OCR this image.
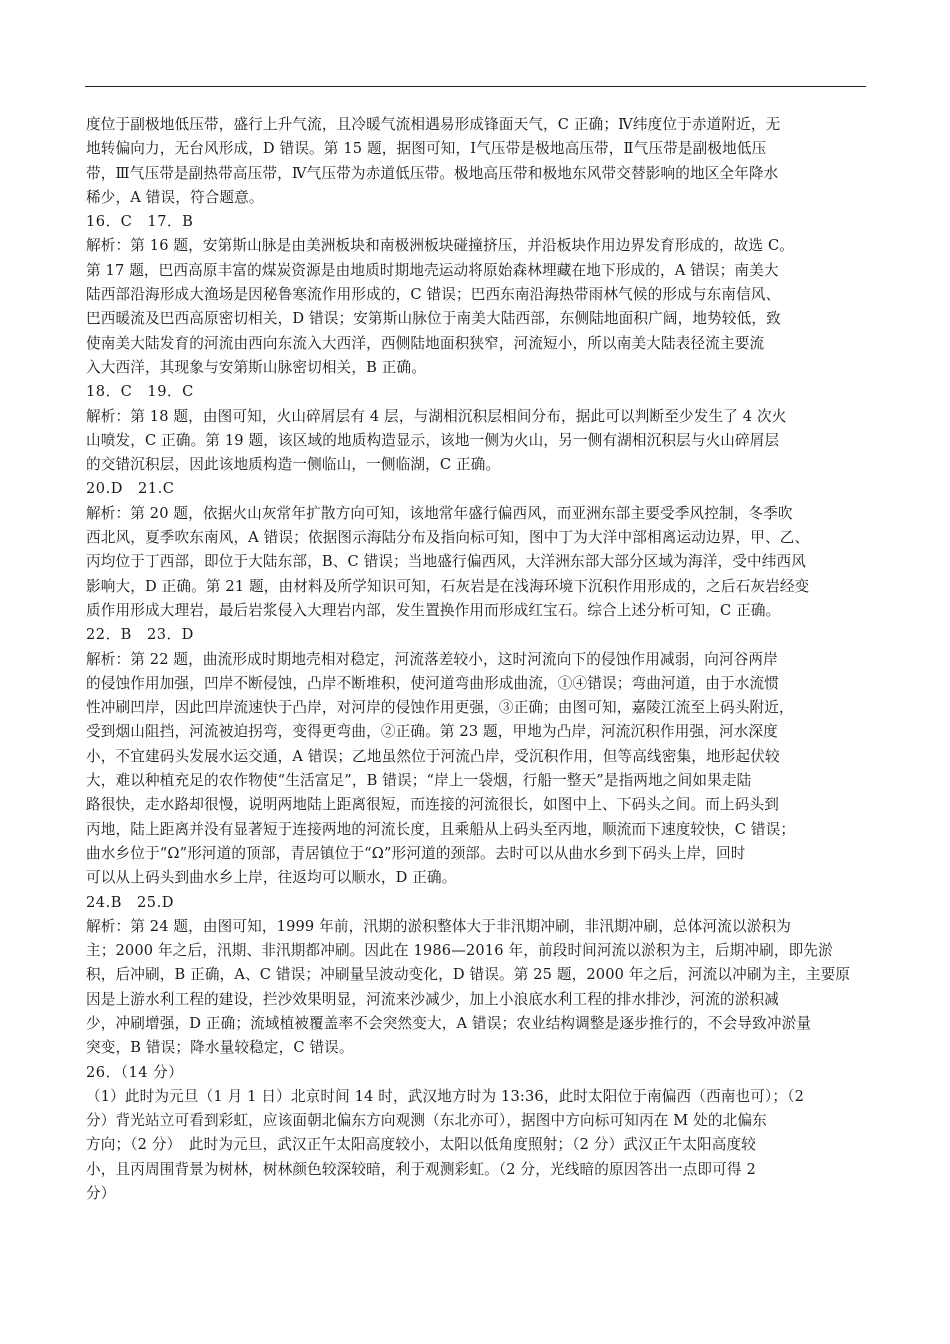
度位于副极地低压带，盛行上升气流，且冷暖气流相遇易形成锋面天气，C 正确；Ⅳ纬度位于赤道附近，无
地转偏向力，无台风形成，D 错误。第 15 题，据图可知，Ⅰ气压带是极地高压带，Ⅱ气压带是副极地低压
带，Ⅲ气压带是副热带高压带，Ⅳ气压带为赤道低压带。极地高压带和极地东风带交替影响的地区全年降水
稀少，A 错误，符合题意。
16．C　17．B
解析：第 16 题，安第斯山脉是由美洲板块和南极洲板块碰撞挤压，并沿板块作用边界发育形成的，故选 C。
第 17 题，巴西高原丰富的煤炭资源是由地质时期地壳运动将原始森林埋藏在地下形成的，A 错误；南美大
陆西部沿海形成大渔场是因秘鲁寒流作用形成的，C 错误；巴西东南沿海热带雨林气候的形成与东南信风、
巴西暖流及巴西高原密切相关，D 错误；安第斯山脉位于南美大陆西部，东侧陆地面积广阔，地势较低，致
使南美大陆发育的河流由西向东流入大西洋，西侧陆地面积狭窄，河流短小，所以南美大陆表径流主要流
入大西洋，其现象与安第斯山脉密切相关，B 正确。
18．C　19．C
解析：第 18 题，由图可知，火山碎屑层有 4 层，与湖相沉积层相间分布，据此可以判断至少发生了 4 次火
山喷发，C 正确。第 19 题，该区域的地质构造显示，该地一侧为火山，另一侧有湖相沉积层与火山碎屑层
的交错沉积层，因此该地质构造一侧临山，一侧临湖，C 正确。
20.D　21.C
解析：第 20 题，依据火山灰常年扩散方向可知，该地常年盛行偏西风，而亚洲东部主要受季风控制，冬季吹
西北风，夏季吹东南风，A 错误；依据图示海陆分布及指向标可知，图中丁为大洋中部相离运动边界，甲、乙、
丙均位于丁西部，即位于大陆东部，B、C 错误；当地盛行偏西风，大洋洲东部大部分区域为海洋，受中纬西风
影响大，D 正确。第 21 题，由材料及所学知识可知，石灰岩是在浅海环境下沉积作用形成的，之后石灰岩经变
质作用形成大理岩，最后岩浆侵入大理岩内部，发生置换作用而形成红宝石。综合上述分析可知，C 正确。
22．B　23．D
解析：第 22 题，曲流形成时期地壳相对稳定，河流落差较小，这时河流向下的侵蚀作用减弱，向河谷两岸
的侵蚀作用加强，凹岸不断侵蚀，凸岸不断堆积，使河道弯曲形成曲流，①④错误；弯曲河道，由于水流惯
性冲刷凹岸，因此凹岸流速快于凸岸，对河岸的侵蚀作用更强，③正确；由图可知，嘉陵江流至上码头附近，
受到烟山阻挡，河流被迫拐弯，变得更弯曲，②正确。第 23 题，甲地为凸岸，河流沉积作用强，河水深度
小，不宜建码头发展水运交通，A 错误；乙地虽然位于河流凸岸，受沉积作用，但等高线密集，地形起伏较
大，难以种植充足的农作物使“生活富足”，B 错误；“岸上一袋烟，行船一整天”是指两地之间如果走陆
路很快，走水路却很慢，说明两地陆上距离很短，而连接的河流很长，如图中上、下码头之间。而上码头到
丙地，陆上距离并没有显著短于连接两地的河流长度，且乘船从上码头至丙地，顺流而下速度较快，C 错误；
曲水乡位于“Ω”形河道的顶部，青居镇位于“Ω”形河道的颈部。去时可以从曲水乡到下码头上岸，回时
可以从上码头到曲水乡上岸，往返均可以顺水，D 正确。
24.B　25.D
解析：第 24 题，由图可知，1999 年前，汛期的淤积整体大于非汛期冲刷，非汛期冲刷，总体河流以淤积为
主；2000 年之后，汛期、非汛期都冲刷。因此在 1986—2016 年，前段时间河流以淤积为主，后期冲刷，即先淤
积，后冲刷，B 正确，A、C 错误；冲刷量呈波动变化，D 错误。第 25 题，2000 年之后，河流以冲刷为主，主要原
因是上游水利工程的建设，拦沙效果明显，河流来沙减少，加上小浪底水利工程的排水排沙，河流的淤积减
少，冲刷增强，D 正确；流域植被覆盖率不会突然变大，A 错误；农业结构调整是逐步推行的，不会导致冲淤量
突变，B 错误；降水量较稳定，C 错误。
26．（14 分）
（1）此时为元旦（1 月 1 日）北京时间 14 时，武汉地方时为 13:36，此时太阳位于南偏西（西南也可）；（2
分）背光站立可看到彩虹，应该面朝北偏东方向观测（东北亦可），据图中方向标可知丙在 M 处的北偏东
方向；（2 分）　此时为元旦，武汉正午太阳高度较小，太阳以低角度照射；（2 分）武汉正午太阳高度较
小，且丙周围背景为树林，树林颜色较深较暗，利于观测彩虹。（2 分，光线暗的原因答出一点即可得 2
分）
